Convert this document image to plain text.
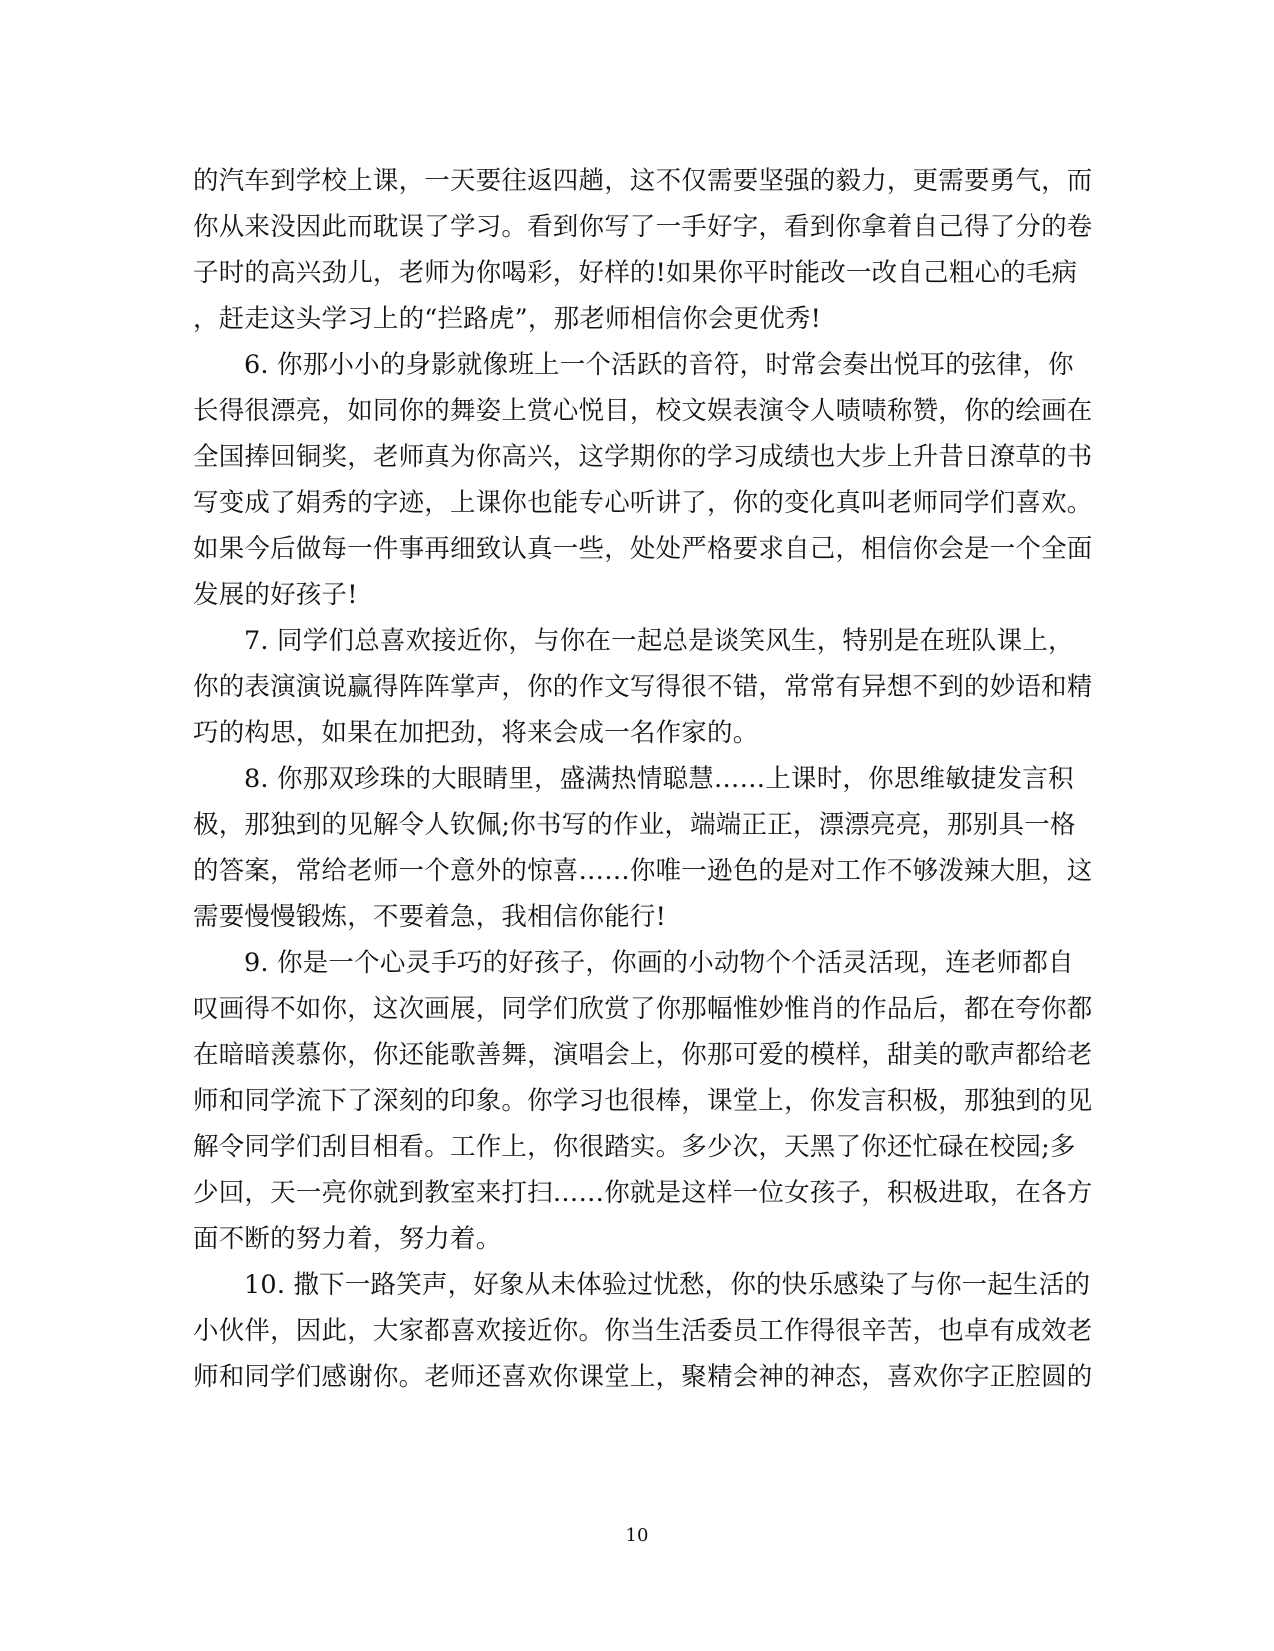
的汽车到学校上课，一天要往返四趟，这不仅需要坚强的毅力，更需要勇气，而
你从来没因此而耽误了学习。看到你写了一手好字，看到你拿着自己得了分的卷
子时的高兴劲儿，老师为你喝彩，好样的!如果你平时能改一改自己粗心的毛病
，赶走这头学习上的“拦路虎”，那老师相信你会更优秀!
6. 你那小小的身影就像班上一个活跃的音符，时常会奏出悦耳的弦律，你
长得很漂亮，如同你的舞姿上赏心悦目，校文娱表演令人啧啧称赞，你的绘画在
全国捧回铜奖，老师真为你高兴，这学期你的学习成绩也大步上升昔日潦草的书
写变成了娟秀的字迹，上课你也能专心听讲了，你的变化真叫老师同学们喜欢。
如果今后做每一件事再细致认真一些，处处严格要求自己，相信你会是一个全面
发展的好孩子!
7. 同学们总喜欢接近你，与你在一起总是谈笑风生，特别是在班队课上，
你的表演演说赢得阵阵掌声，你的作文写得很不错，常常有异想不到的妙语和精
巧的构思，如果在加把劲，将来会成一名作家的。
8. 你那双珍珠的大眼睛里，盛满热情聪慧……上课时，你思维敏捷发言积
极，那独到的见解令人钦佩;你书写的作业，端端正正，漂漂亮亮，那别具一格
的答案，常给老师一个意外的惊喜……你唯一逊色的是对工作不够泼辣大胆，这
需要慢慢锻炼，不要着急，我相信你能行!
9. 你是一个心灵手巧的好孩子，你画的小动物个个活灵活现，连老师都自
叹画得不如你，这次画展，同学们欣赏了你那幅惟妙惟肖的作品后，都在夸你都
在暗暗羡慕你，你还能歌善舞，演唱会上，你那可爱的模样，甜美的歌声都给老
师和同学流下了深刻的印象。你学习也很棒，课堂上，你发言积极，那独到的见
解令同学们刮目相看。工作上，你很踏实。多少次，天黑了你还忙碌在校园;多
少回，天一亮你就到教室来打扫……你就是这样一位女孩子，积极进取，在各方
面不断的努力着，努力着。
10. 撒下一路笑声，好象从未体验过忧愁，你的快乐感染了与你一起生活的
小伙伴，因此，大家都喜欢接近你。你当生活委员工作得很辛苦，也卓有成效老
师和同学们感谢你。老师还喜欢你课堂上，聚精会神的神态，喜欢你字正腔圆的
10
